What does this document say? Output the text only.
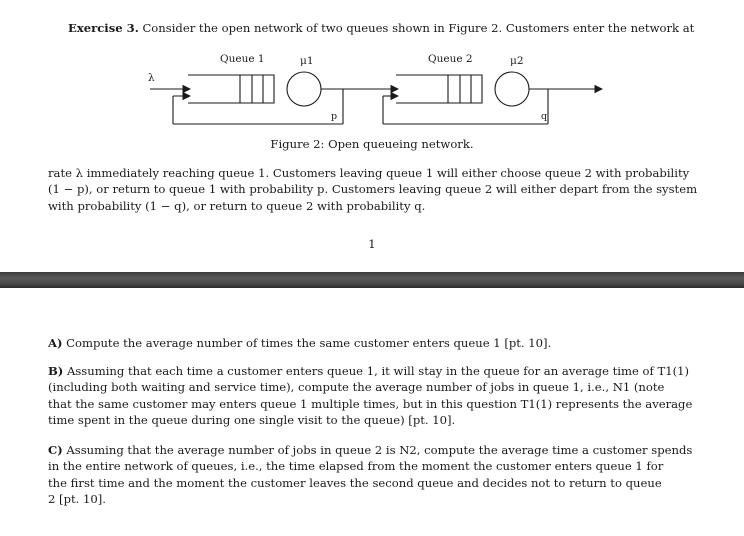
Exercise 3. Consider the open network of two queues shown in Figure 2. Customers enter the network at

Queue 1	Queue 2
μ1	μ2
λ
p	q
Figure 2: Open queueing network.
rate λ immediately reaching queue 1. Customers leaving queue 1 will either choose queue 2 with probability
(1 − p), or return to queue 1 with probability p. Customers leaving queue 2 will either depart from the system
with probability (1 − q), or return to queue 2 with probability q.
1
A) Compute the average number of times the same customer enters queue 1 [pt. 10].
B) Assuming that each time a customer enters queue 1, it will stay in the queue for an average time of T1(1)
(including both waiting and service time), compute the average number of jobs in queue 1, i.e., N1 (note
that the same customer may enters queue 1 multiple times, but in this question T1(1) represents the average
time spent in the queue during one single visit to the queue) [pt. 10].
C) Assuming that the average number of jobs in queue 2 is N2, compute the average time a customer spends
in the entire network of queues, i.e., the time elapsed from the moment the customer enters queue 1 for
the first time and the moment the customer leaves the second queue and decides not to return to queue
2 [pt. 10].
